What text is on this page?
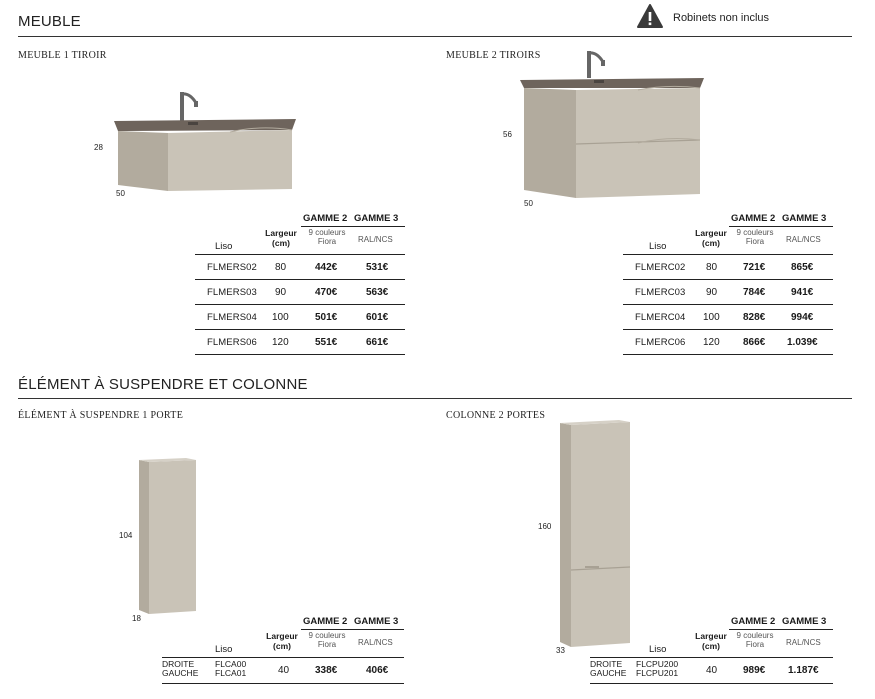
MEUBLE	Robinets non inclus
MEUBLE 1 TIROIR
28
50
GAMME 2 GAMME 3
Liso
Largeur
(cm)
9 couleurs
Fiora	RAL/NCS
FLMERS02 80	442€	531€
FLMERS03 90	470€	563€
FLMERS04 100	501€	601€
FLMERS06 120	551€	661€
MEUBLE 2 TIROIRS
56
50
GAMME 2 GAMME 3
Liso
Largeur
(cm)
9 couleurs
Fiora	RAL/NCS
FLMERC02 80	721€	865€
FLMERC03 90	784€	941€
FLMERC04 100 828€	994€
FLMERC06 120 866€ 1.039€
ÉLÉMENT À SUSPENDRE ET COLONNE
ÉLÉMENT À SUSPENDRE 1 PORTE	COLONNE 2 PORTES
104
18
160
33
GAMME 2 GAMME 3
Liso
Largeur
(cm)
9 couleurs
Fiora	RAL/NCS
DROITE
GAUCHE
FLCA00
FLCA01	40	338€	406€
GAMME 2 GAMME 3
Liso
Largeur
(cm)
9 couleurs
Fiora	RAL/NCS
DROITE
GAUCHE
FLCPU200
FLCPU201	40	989€ 1.187€
